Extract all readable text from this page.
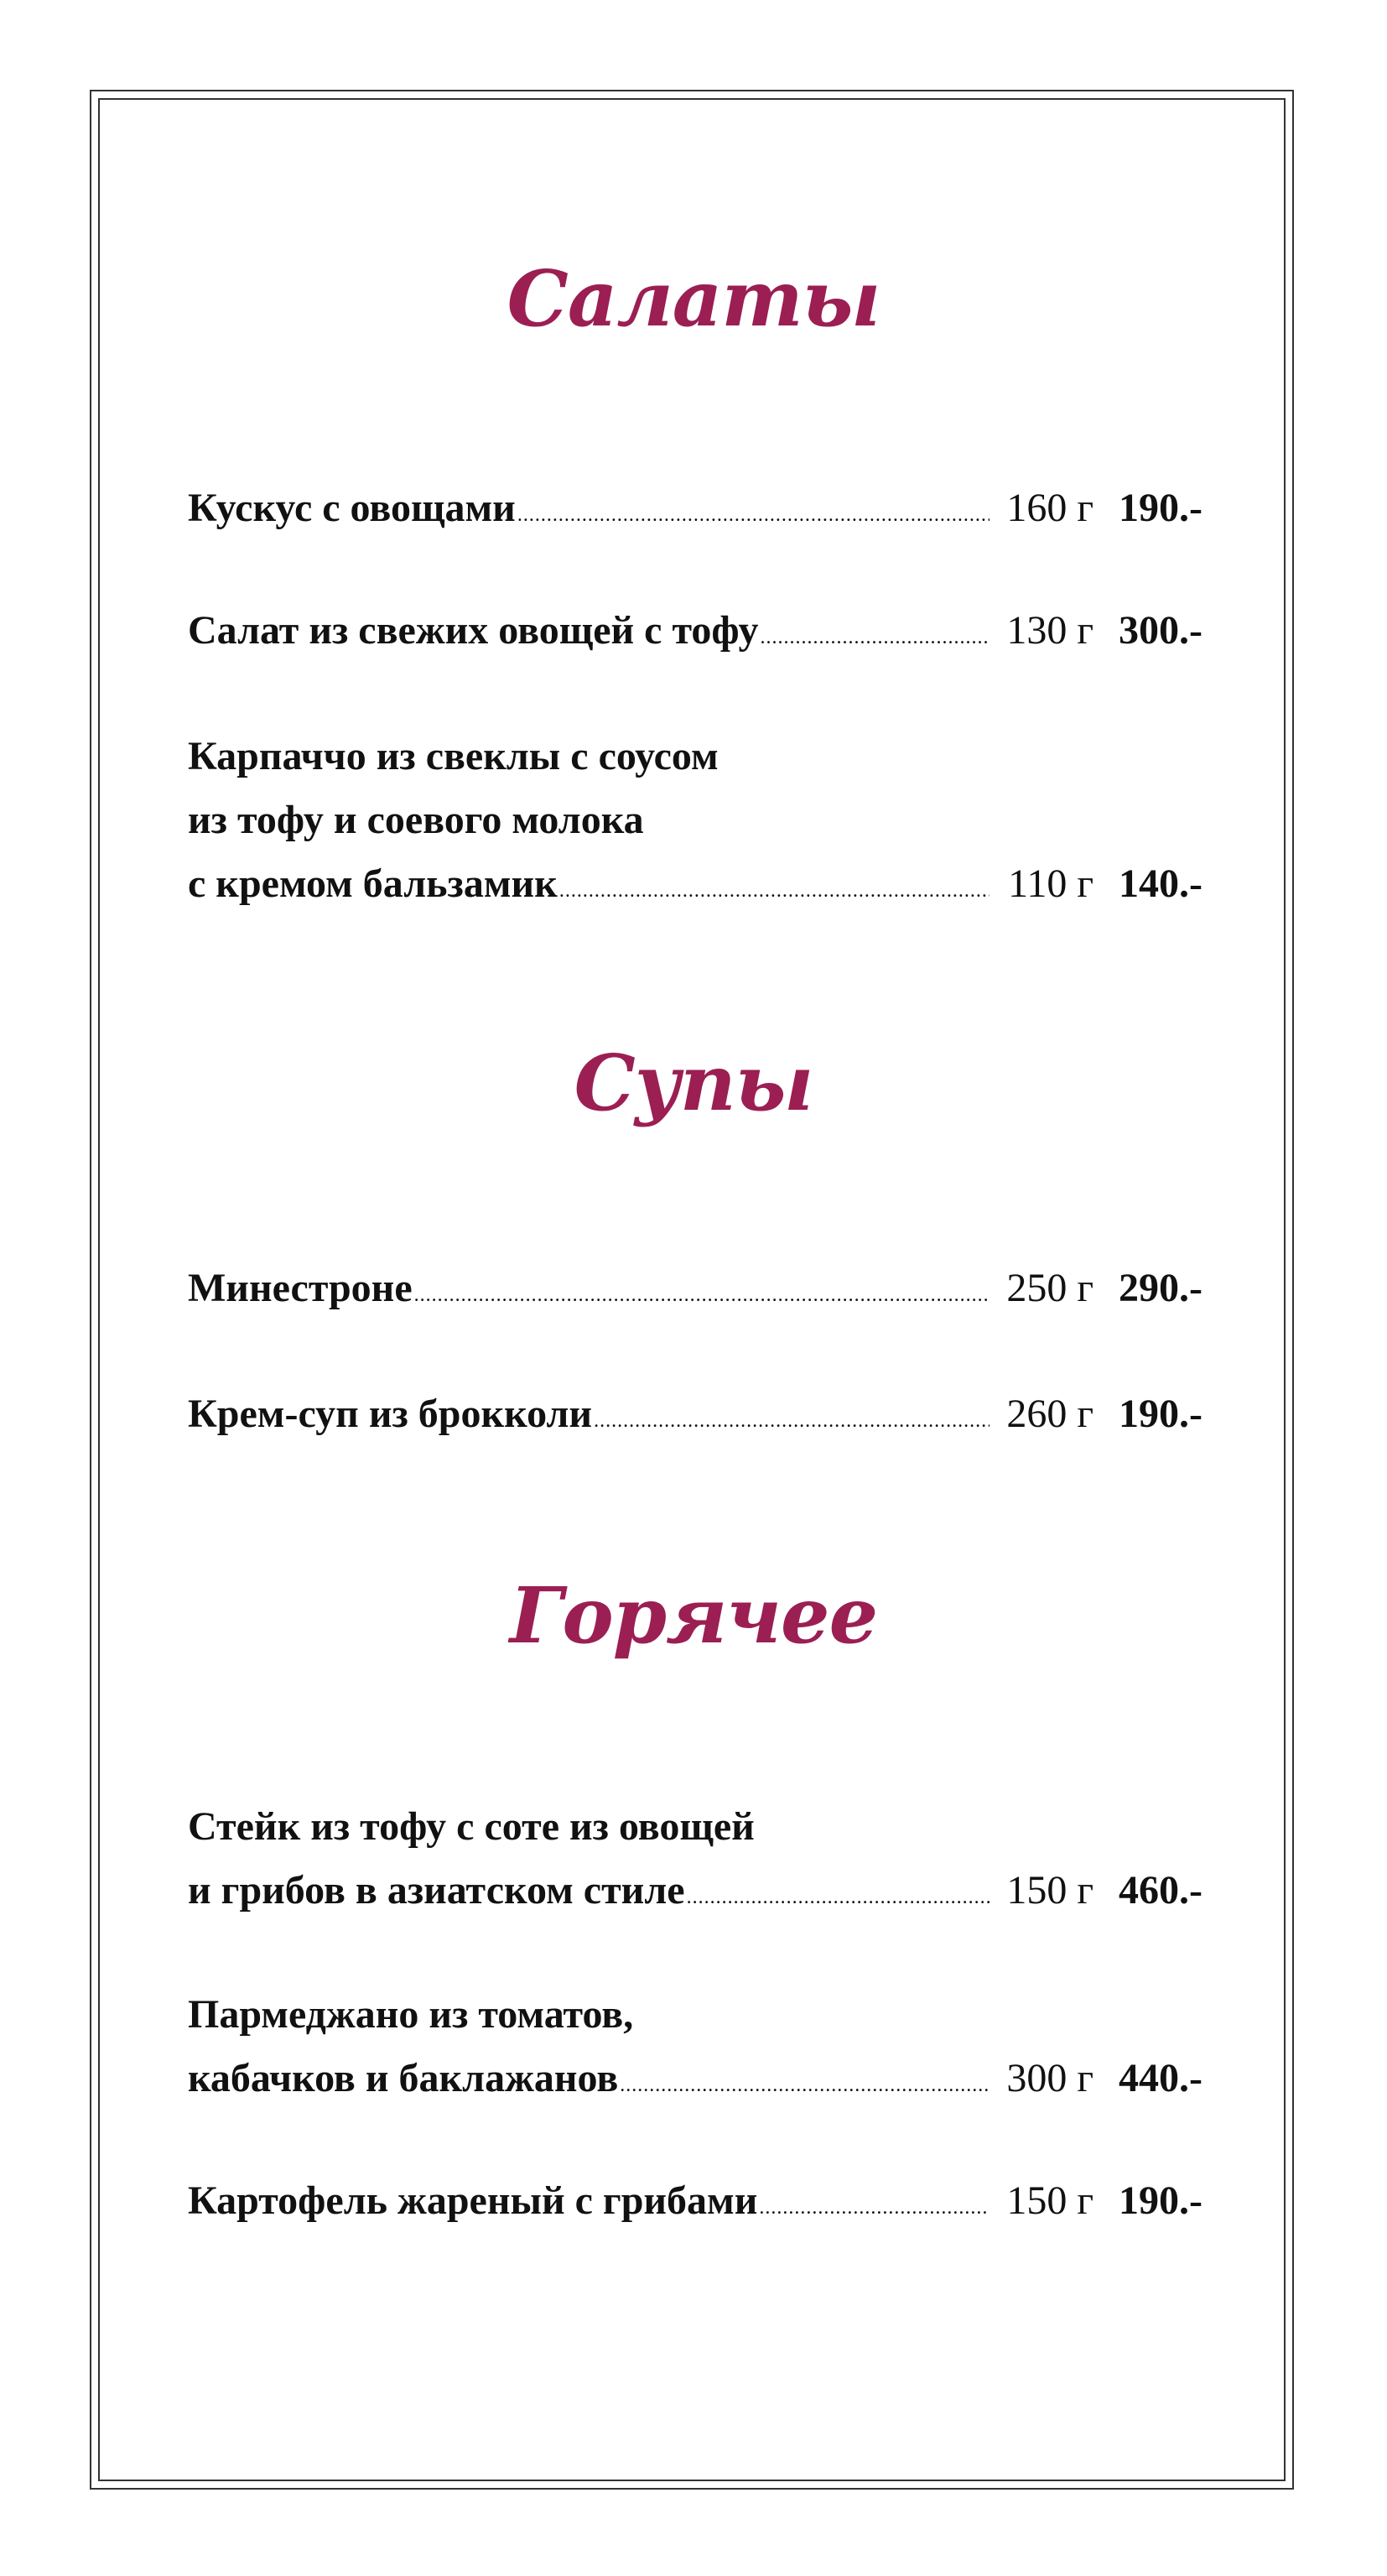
Салаты
Кускус с овощами .....	160 г 190.-
Салат из свежих овощей с тофу .....	130 г 300.-
Карпаччо из свеклы с соусом
из тофу и соевого молока
с кремом бальзамик .....	110 г 140.-
Супы
Минестроне .....	250 г 290.-
Крем-суп из брокколи .....	260 г 190.-
Горячее
Стейк из тофу с соте из овощей
и грибов в азиатском стиле .....	150 г 460.-
Пармеджано из томатов,
кабачков и баклажанов .....	300 г 440.-
Картофель жареный с грибами .....	150 г 190.-
